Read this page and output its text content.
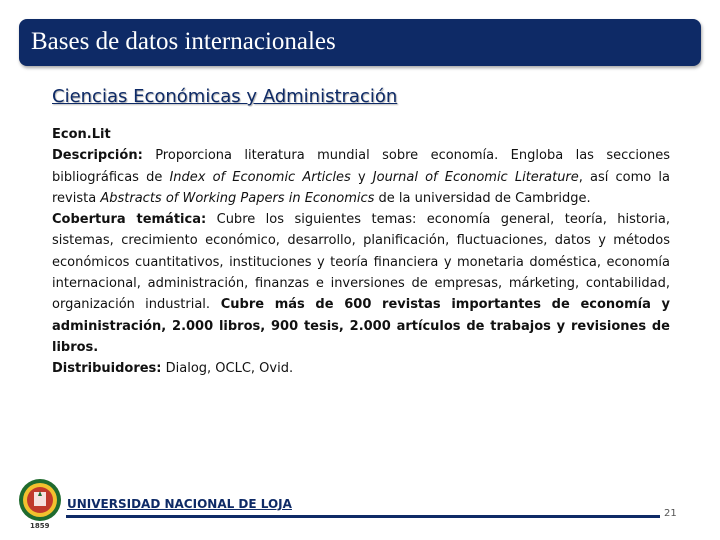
Bases de datos internacionales
Ciencias Económicas y Administración

Econ.Lit

Descripción: Proporciona literatura mundial sobre economía. Engloba las secciones bibliográficas de Index of Economic Articles y Journal of Economic Literature, así como la revista Abstracts of Working Papers in Economics de la universidad de Cambridge.

Cobertura temática: Cubre los siguientes temas: economía general, teoría, historia, sistemas, crecimiento económico, desarrollo, planificación, fluctuaciones, datos y métodos económicos cuantitativos, instituciones y teoría financiera y monetaria doméstica, economía internacional, administración, finanzas e inversiones de empresas, márketing, contabilidad, organización industrial. Cubre más de 600 revistas importantes de economía y administración, 2.000 libros, 900 tesis, 2.000 artículos de trabajos y revisiones de libros.

Distribuidores: Dialog, OCLC, Ovid.

1859
UNIVERSIDAD NACIONAL DE LOJA
21
